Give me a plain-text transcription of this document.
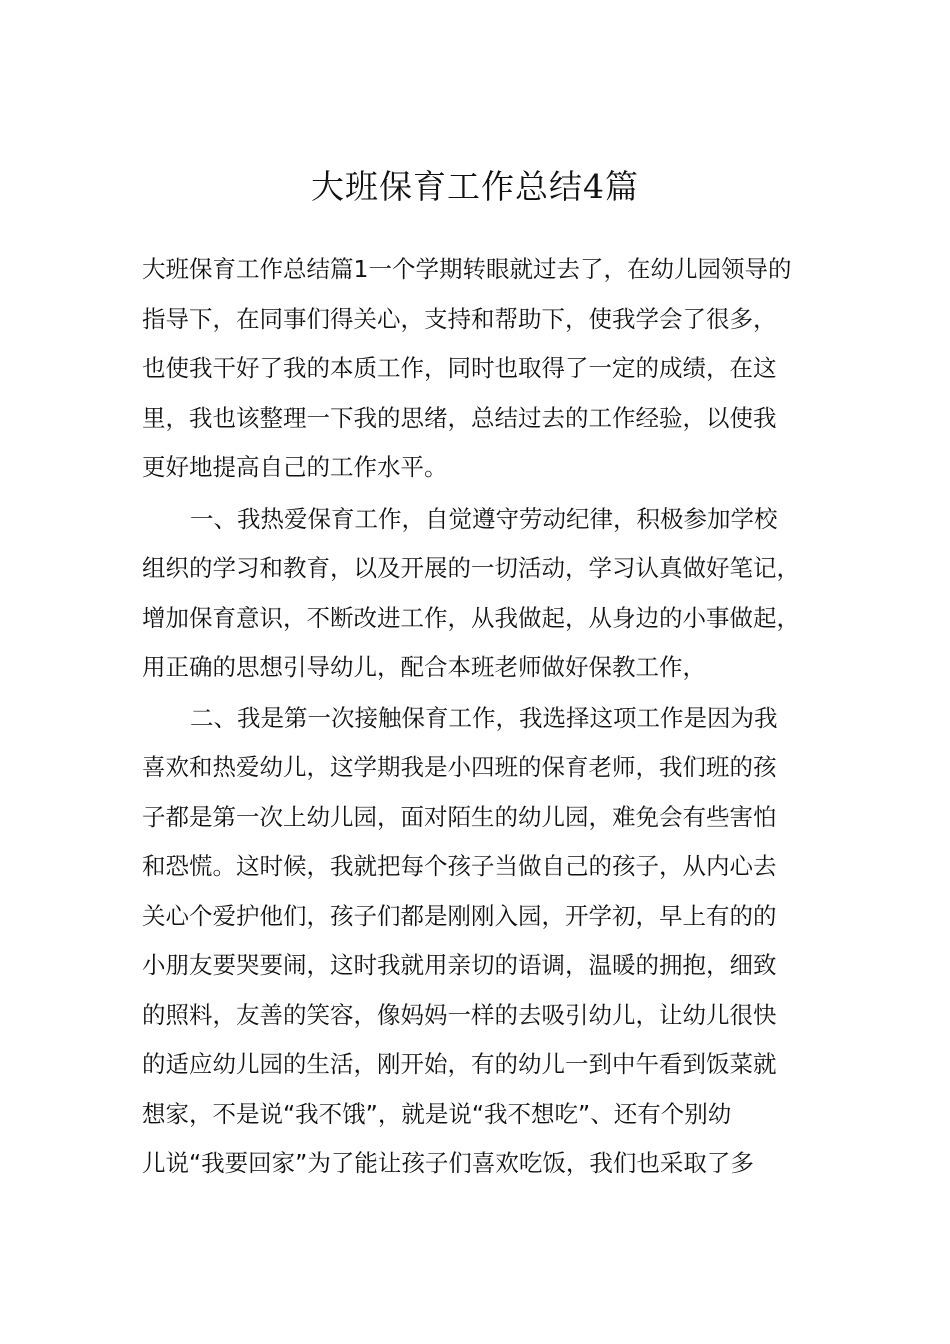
大班保育工作总结4篇

大班保育工作总结篇1一个学期转眼就过去了，在幼儿园领导的

指导下，在同事们得关心，支持和帮助下，使我学会了很多，

也使我干好了我的本质工作，同时也取得了一定的成绩，在这

里，我也该整理一下我的思绪，总结过去的工作经验，以使我

更好地提高自己的工作水平。

一、我热爱保育工作，自觉遵守劳动纪律，积极参加学校

组织的学习和教育，以及开展的一切活动，学习认真做好笔记，

增加保育意识，不断改进工作，从我做起，从身边的小事做起，

用正确的思想引导幼儿，配合本班老师做好保教工作，

二、我是第一次接触保育工作，我选择这项工作是因为我

喜欢和热爱幼儿，这学期我是小四班的保育老师，我们班的孩

子都是第一次上幼儿园，面对陌生的幼儿园，难免会有些害怕

和恐慌。这时候，我就把每个孩子当做自己的孩子，从内心去

关心个爱护他们，孩子们都是刚刚入园，开学初，早上有的的

小朋友要哭要闹，这时我就用亲切的语调，温暖的拥抱，细致

的照料，友善的笑容，像妈妈一样的去吸引幼儿，让幼儿很快

的适应幼儿园的生活，刚开始，有的幼儿一到中午看到饭菜就

想家，不是说“我不饿”，就是说“我不想吃”、还有个别幼

儿说“我要回家”为了能让孩子们喜欢吃饭，我们也采取了多
